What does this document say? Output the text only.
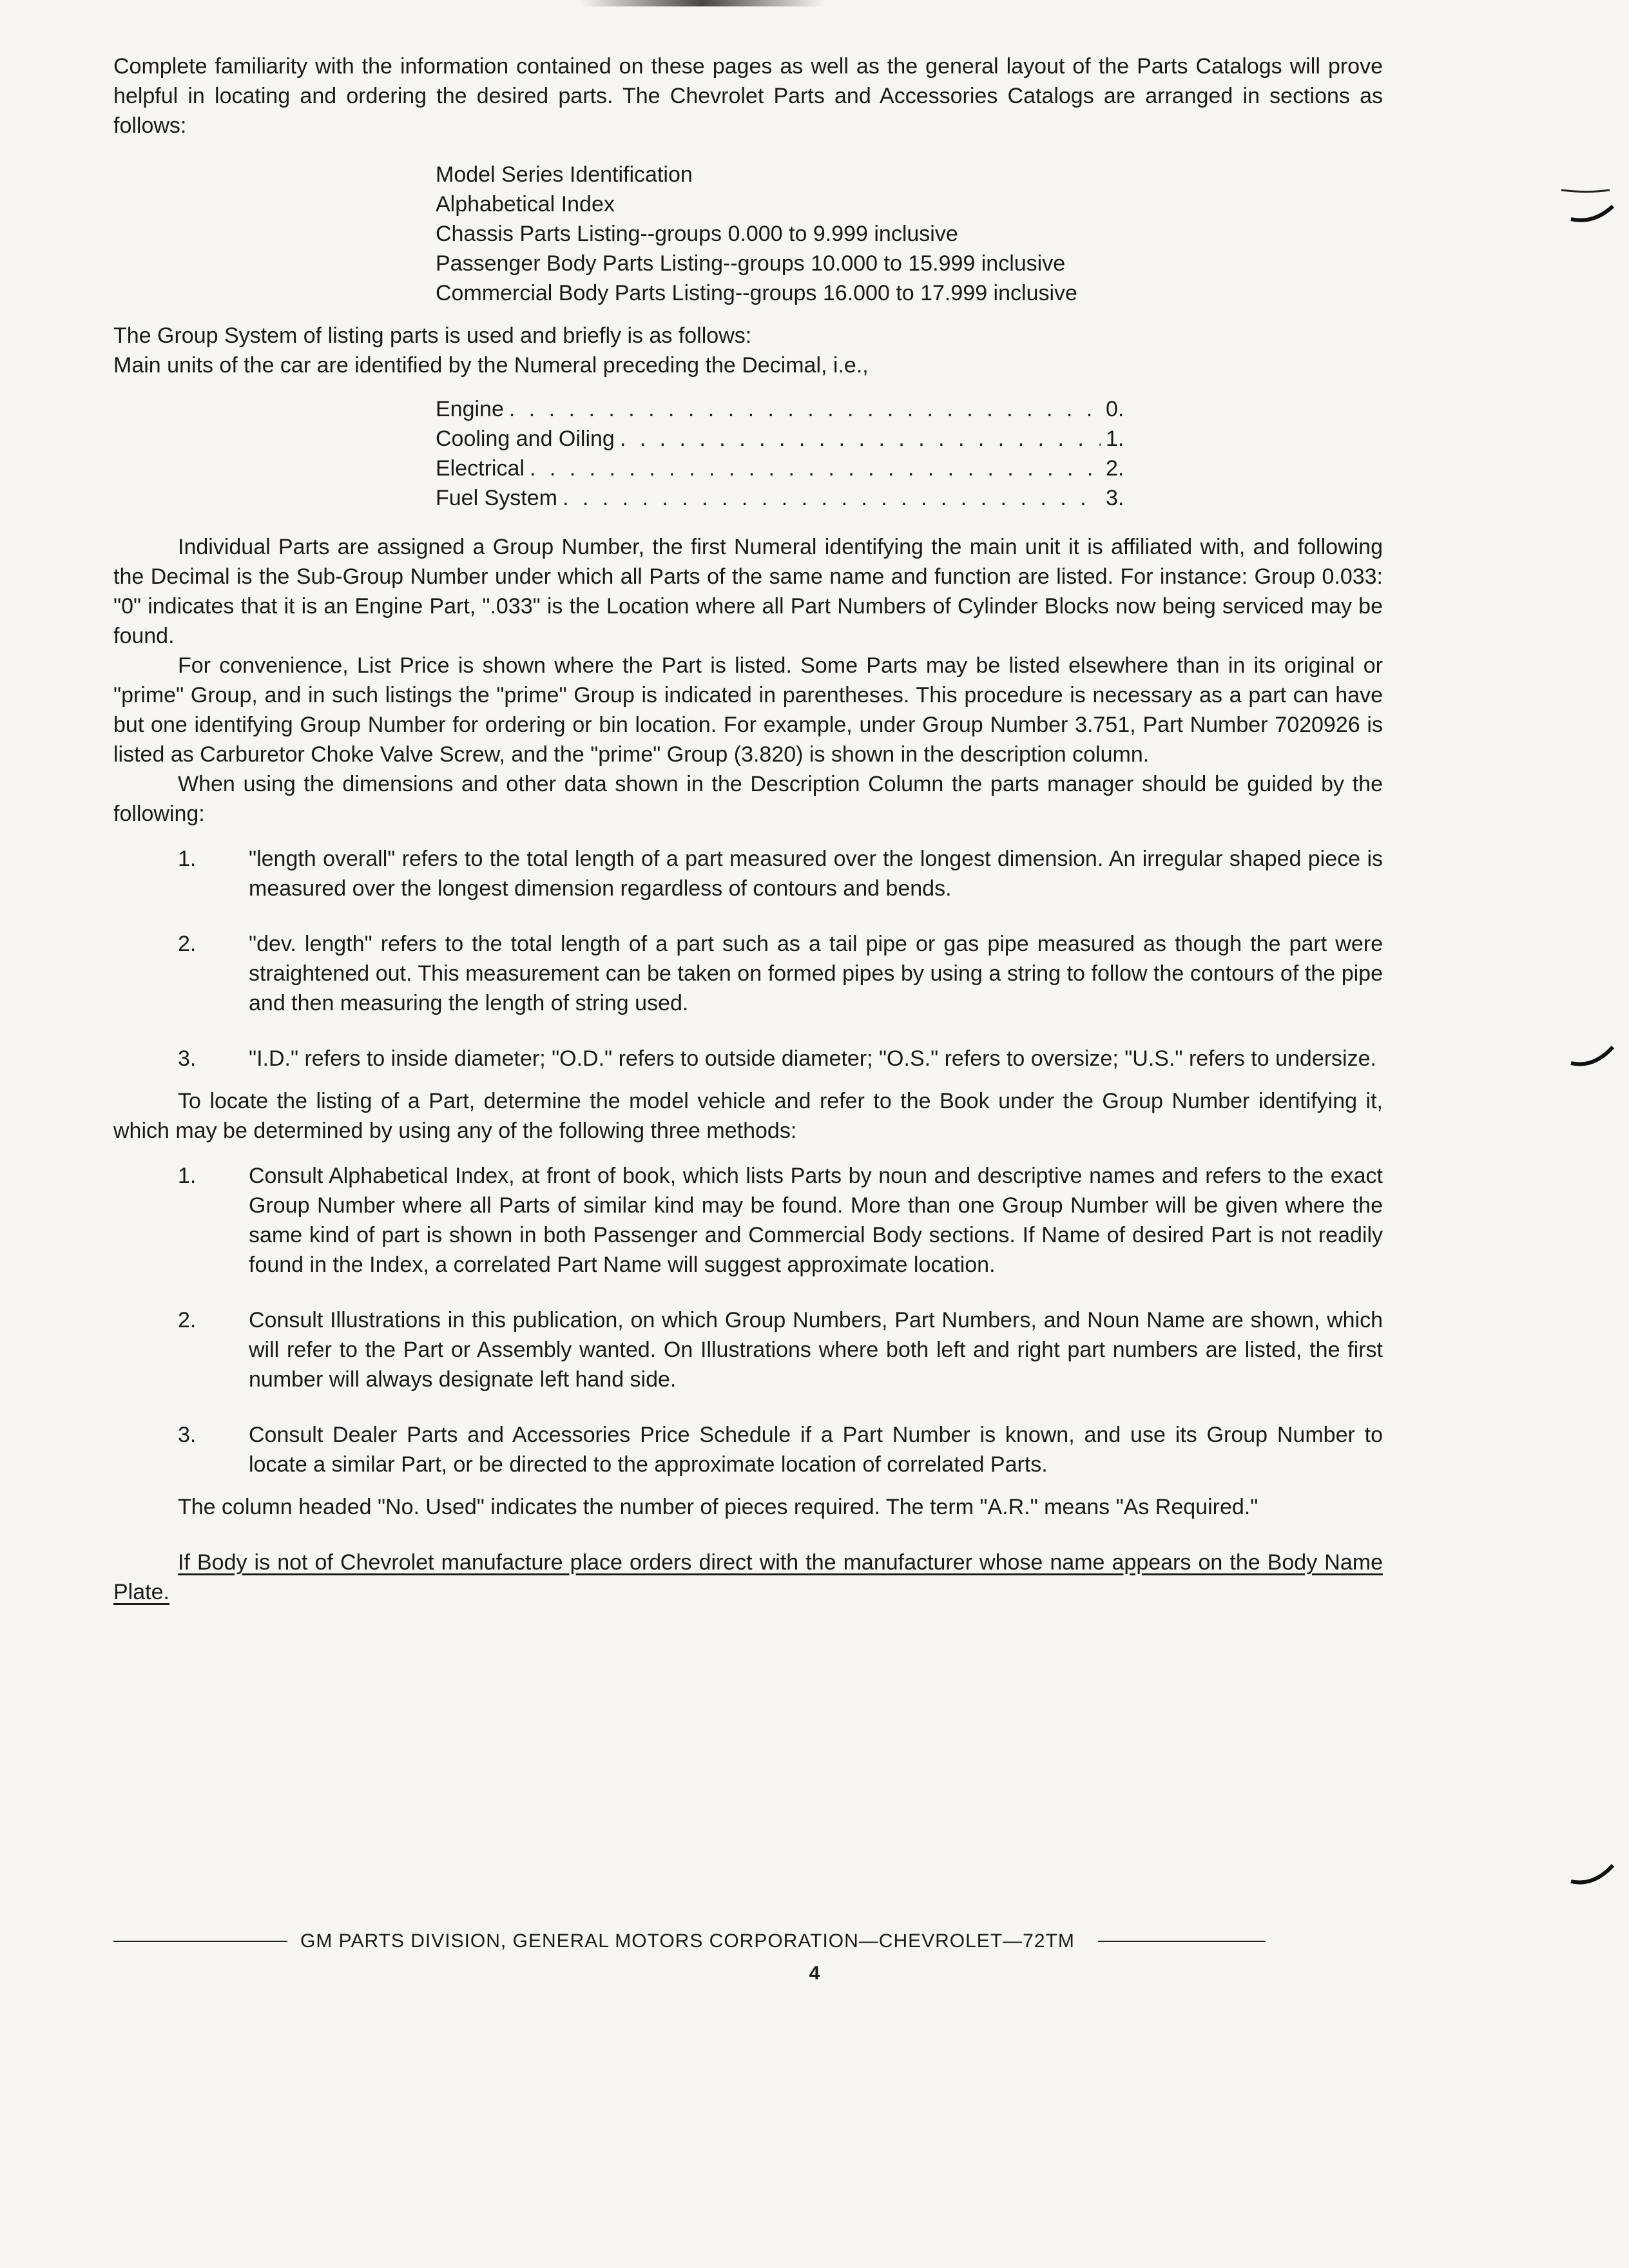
Complete familiarity with the information contained on these pages as well as the general layout of the Parts Catalogs will prove helpful in locating and ordering the desired parts. The Chevrolet Parts and Accessories Catalogs are arranged in sections as follows:

Model Series Identification
Alphabetical Index
Chassis Parts Listing--groups 0.000 to 9.999 inclusive
Passenger Body Parts Listing--groups 10.000 to 15.999 inclusive
Commercial Body Parts Listing--groups 16.000 to 17.999 inclusive

The Group System of listing parts is used and briefly is as follows:

Main units of the car are identified by the Numeral preceding the Decimal, i.e.,

Engine . . .	0.
Cooling and Oiling . . .	1.
Electrical . . .	2.
Fuel System . . .	3.

Individual Parts are assigned a Group Number, the first Numeral identifying the main unit it is affiliated with, and following the Decimal is the Sub-Group Number under which all Parts of the same name and function are listed. For instance: Group 0.033: "0" indicates that it is an Engine Part, ".033" is the Location where all Part Numbers of Cylinder Blocks now being serviced may be found.

For convenience, List Price is shown where the Part is listed. Some Parts may be listed elsewhere than in its original or "prime" Group, and in such listings the "prime" Group is indicated in parentheses. This procedure is necessary as a part can have but one identifying Group Number for ordering or bin location. For example, under Group Number 3.751, Part Number 7020926 is listed as Carburetor Choke Valve Screw, and the "prime" Group (3.820) is shown in the description column.

When using the dimensions and other data shown in the Description Column the parts manager should be guided by the following:

1.	"length overall" refers to the total length of a part measured over the longest dimension. An irregular shaped piece is measured over the longest dimension regardless of contours and bends.
2.	"dev. length" refers to the total length of a part such as a tail pipe or gas pipe measured as though the part were straightened out. This measurement can be taken on formed pipes by using a string to follow the contours of the pipe and then measuring the length of string used.
3.	"I.D." refers to inside diameter; "O.D." refers to outside diameter; "O.S." refers to oversize; "U.S." refers to undersize.

To locate the listing of a Part, determine the model vehicle and refer to the Book under the Group Number identifying it, which may be determined by using any of the following three methods:

1.	Consult Alphabetical Index, at front of book, which lists Parts by noun and descriptive names and refers to the exact Group Number where all Parts of similar kind may be found. More than one Group Number will be given where the same kind of part is shown in both Passenger and Commercial Body sections. If Name of desired Part is not readily found in the Index, a correlated Part Name will suggest approximate location.
2.	Consult Illustrations in this publication, on which Group Numbers, Part Numbers, and Noun Name are shown, which will refer to the Part or Assembly wanted. On Illustrations where both left and right part numbers are listed, the first number will always designate left hand side.
3.	Consult Dealer Parts and Accessories Price Schedule if a Part Number is known, and use its Group Number to locate a similar Part, or be directed to the approximate location of correlated Parts.

The column headed "No. Used" indicates the number of pieces required. The term "A.R." means "As Required."

If Body is not of Chevrolet manufacture place orders direct with the manufacturer whose name appears on the Body Name Plate.

GM PARTS DIVISION, GENERAL MOTORS CORPORATION—CHEVROLET—72TM
4
